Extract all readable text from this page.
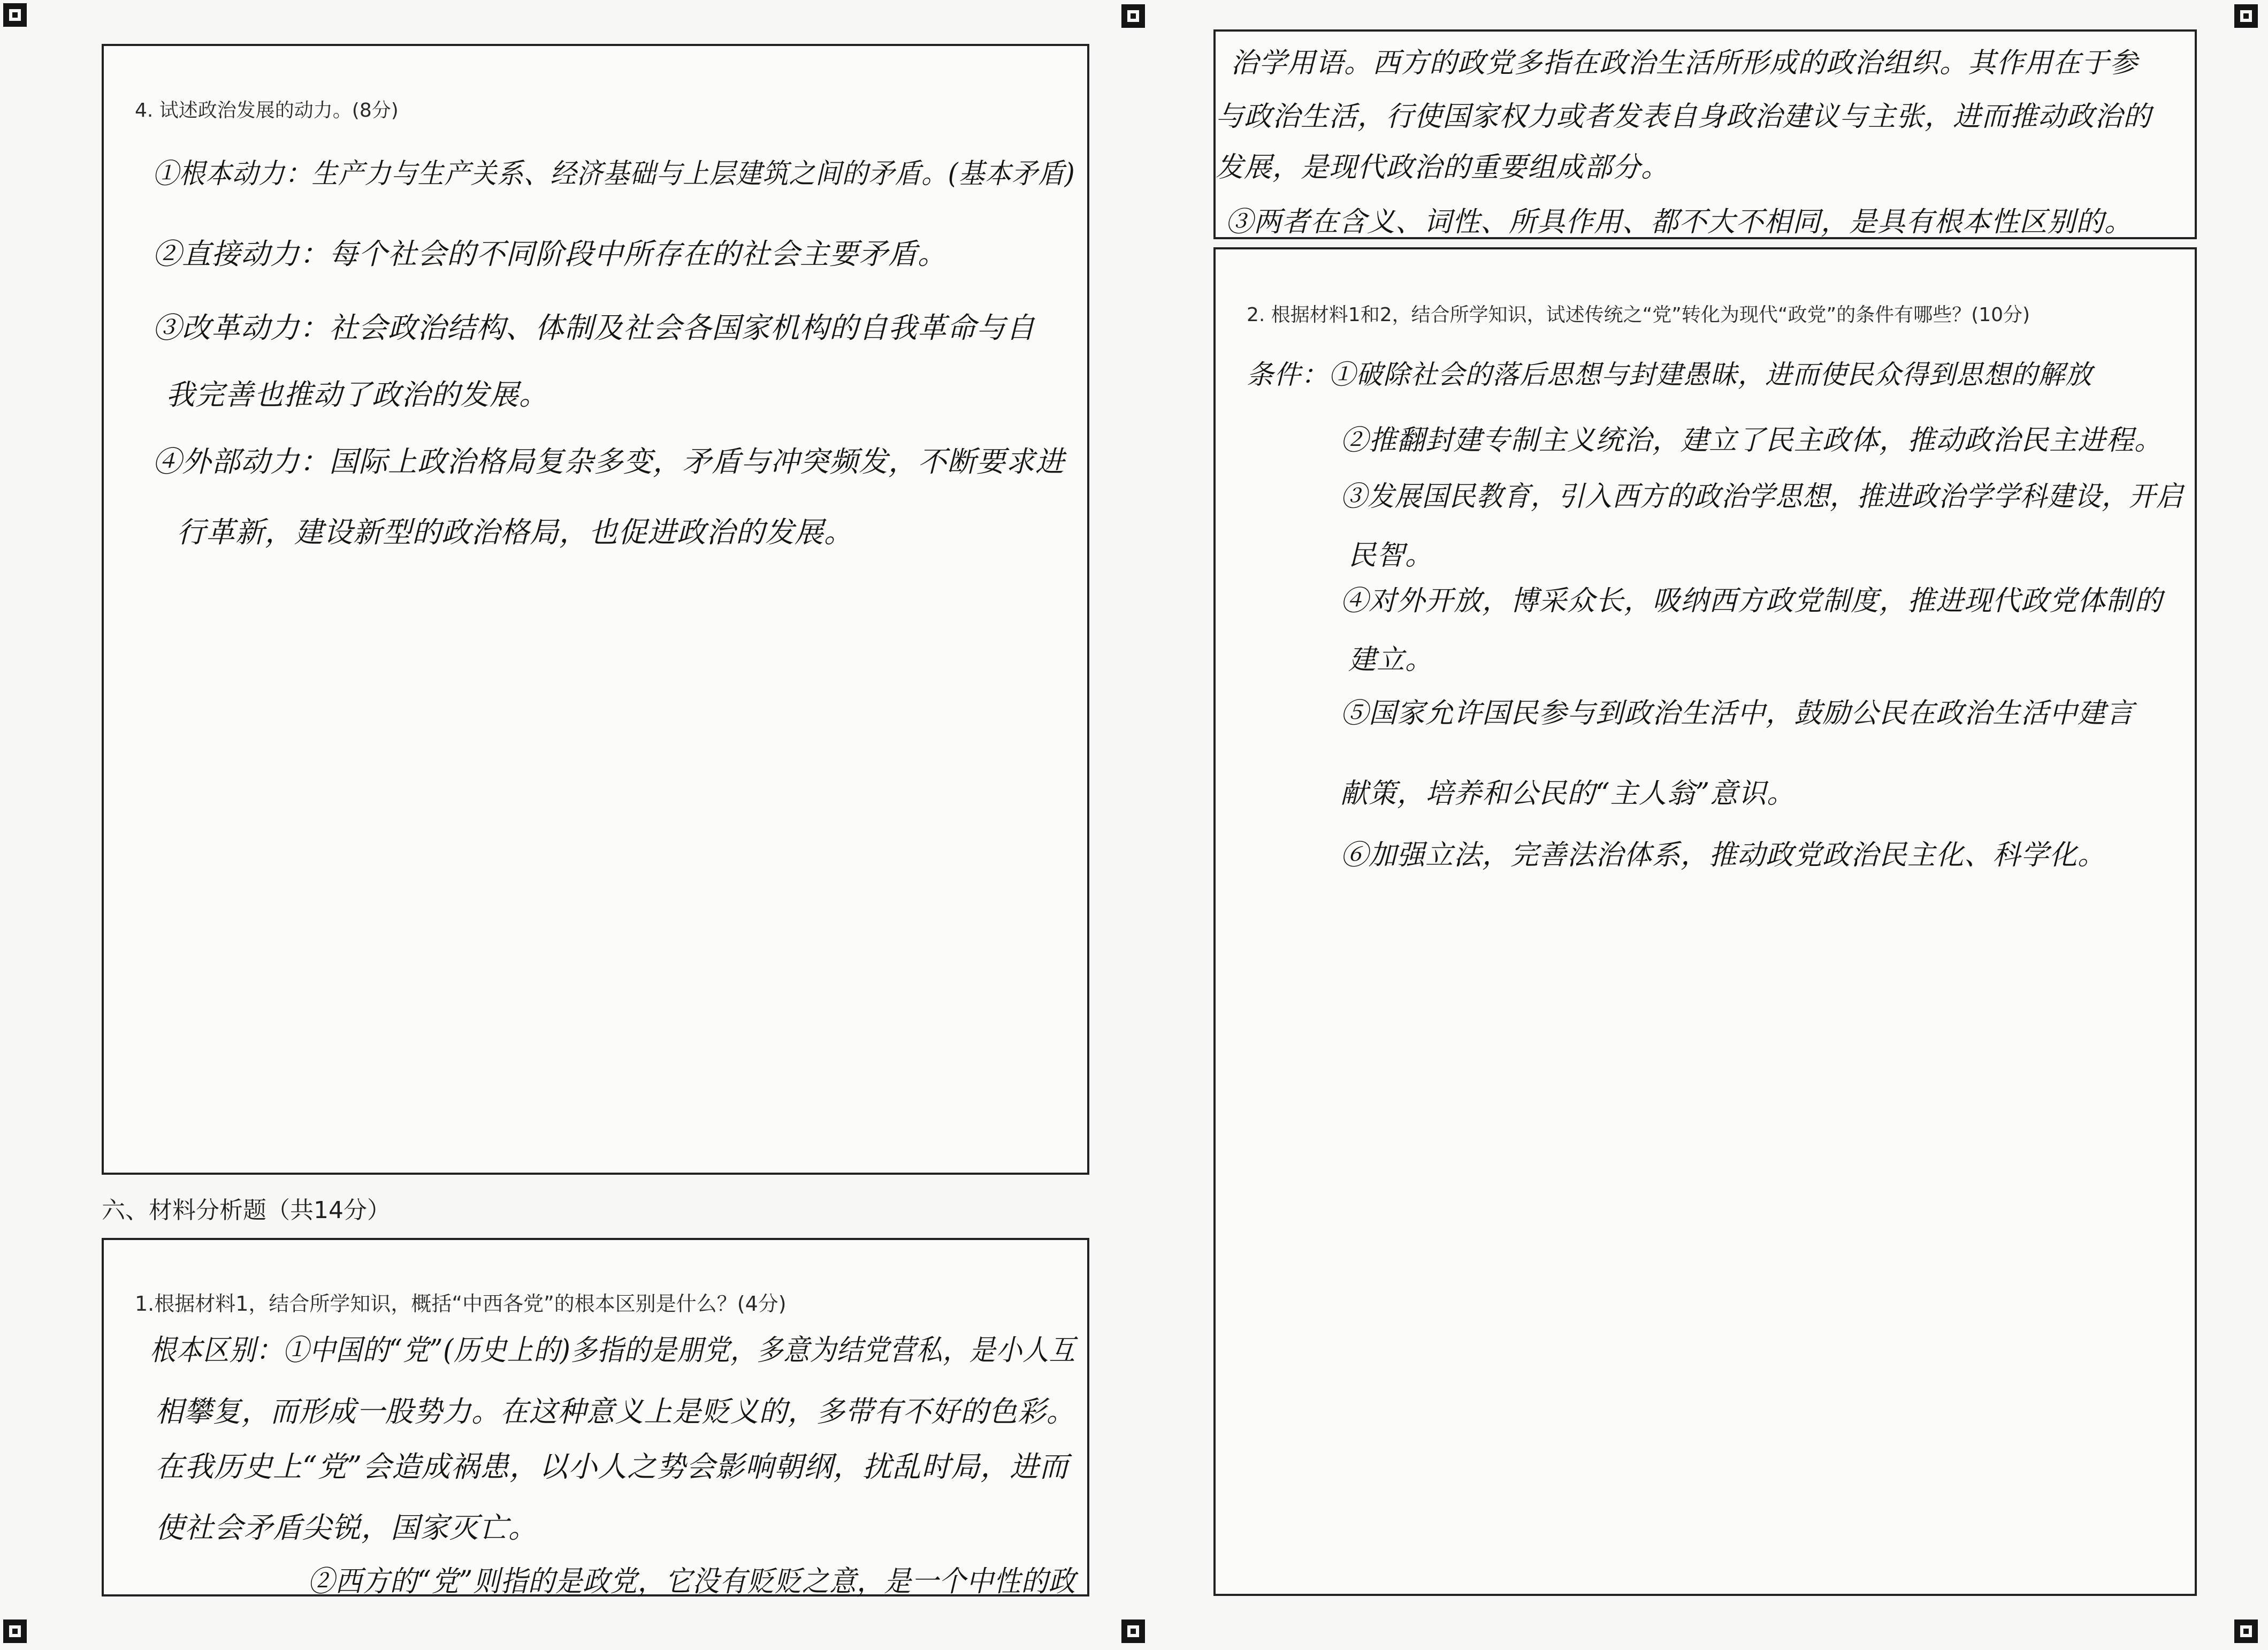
4. 试述政治发展的动力。(8分)
①根本动力：生产力与生产关系、经济基础与上层建筑之间的矛盾。(基本矛盾)
②直接动力：每个社会的不同阶段中所存在的社会主要矛盾。
③改革动力：社会政治结构、体制及社会各国家机构的自我革命与自
我完善也推动了政治的发展。
④外部动力：国际上政治格局复杂多变，矛盾与冲突频发，不断要求进
行革新，建设新型的政治格局，也促进政治的发展。
六、材料分析题（共14分）
1.根据材料1，结合所学知识，概括“中西各党”的根本区别是什么？(4分)
根本区别：①中国的“党”(历史上的)多指的是朋党，多意为结党营私，是小人互
相攀复，而形成一股势力。在这种意义上是贬义的，多带有不好的色彩。
在我历史上“党”会造成祸患，以小人之势会影响朝纲，扰乱时局，进而
使社会矛盾尖锐，国家灭亡。
②西方的“党”则指的是政党，它没有贬贬之意，是一个中性的政
治学用语。西方的政党多指在政治生活所形成的政治组织。其作用在于参
与政治生活，行使国家权力或者发表自身政治建议与主张，进而推动政治的
发展，是现代政治的重要组成部分。
③两者在含义、词性、所具作用、都不大不相同，是具有根本性区别的。
2. 根据材料1和2，结合所学知识，试述传统之“党”转化为现代“政党”的条件有哪些？(10分)
条件：①破除社会的落后思想与封建愚昧，进而使民众得到思想的解放
②推翻封建专制主义统治，建立了民主政体，推动政治民主进程。
③发展国民教育，引入西方的政治学思想，推进政治学学科建设，开启
民智。
④对外开放，博采众长，吸纳西方政党制度，推进现代政党体制的
建立。
⑤国家允许国民参与到政治生活中，鼓励公民在政治生活中建言
献策，培养和公民的“主人翁”意识。
⑥加强立法，完善法治体系，推动政党政治民主化、科学化。
